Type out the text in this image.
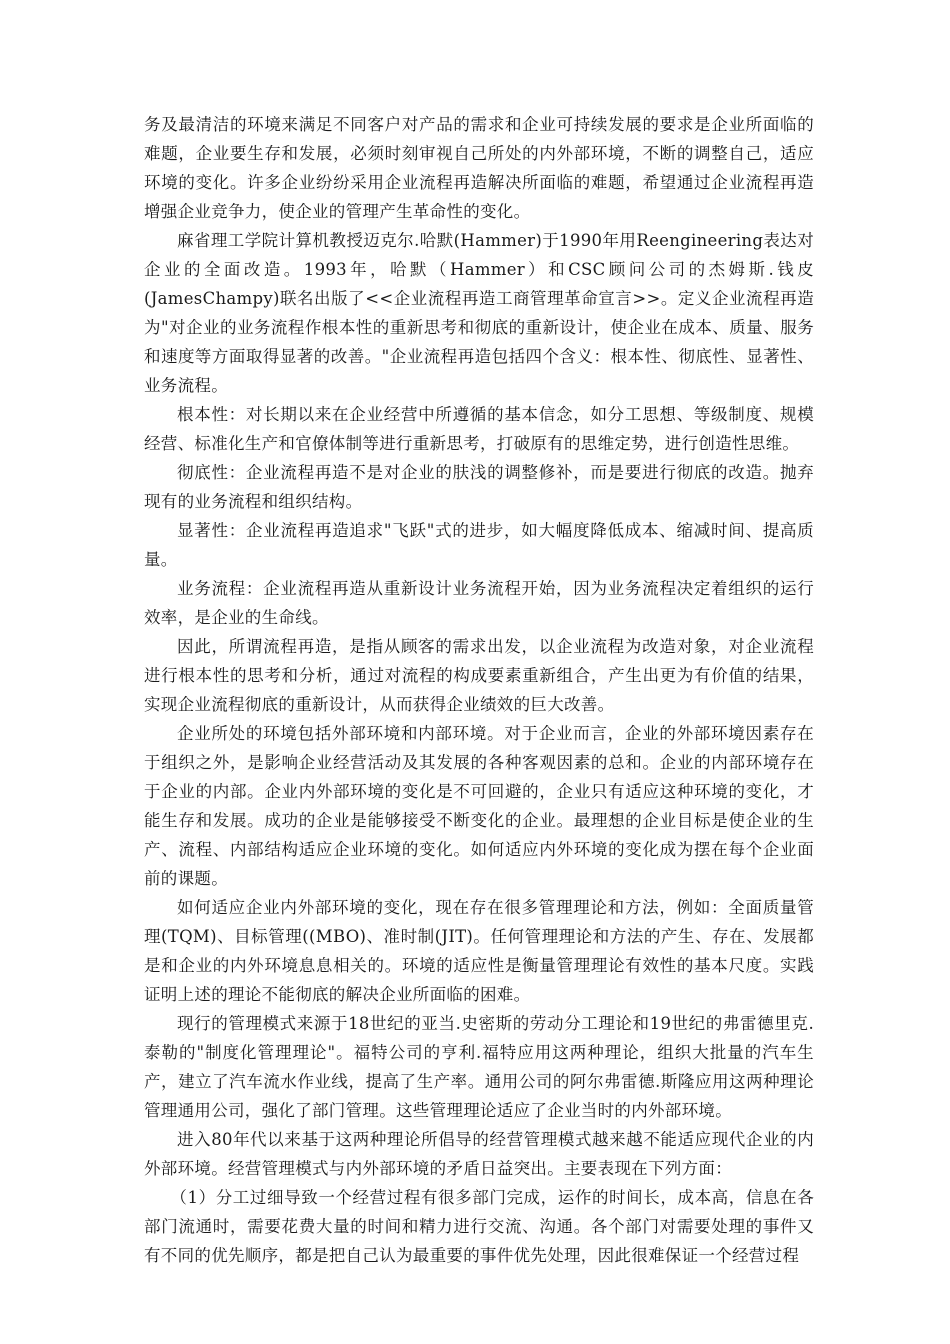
务及最清洁的环境来满足不同客户对产品的需求和企业可持续发展的要求是企业所面临的难题，企业要生存和发展，必须时刻审视自己所处的内外部环境，不断的调整自己，适应环境的变化。许多企业纷纷采用企业流程再造解决所面临的难题，希望通过企业流程再造增强企业竞争力，使企业的管理产生革命性的变化。

麻省理工学院计算机教授迈克尔.哈默(Hammer)于1990年用Reengineering表达对企业的全面改造。1993年，哈默（Hammer）和CSC顾问公司的杰姆斯.钱皮(JamesChampy)联名出版了<<企业流程再造工商管理革命宣言>>。定义企业流程再造为"对企业的业务流程作根本性的重新思考和彻底的重新设计，使企业在成本、质量、服务和速度等方面取得显著的改善。"企业流程再造包括四个含义：根本性、彻底性、显著性、业务流程。

根本性：对长期以来在企业经营中所遵循的基本信念，如分工思想、等级制度、规模经营、标准化生产和官僚体制等进行重新思考，打破原有的思维定势，进行创造性思维。

彻底性：企业流程再造不是对企业的肤浅的调整修补，而是要进行彻底的改造。抛弃现有的业务流程和组织结构。

显著性：企业流程再造追求"飞跃"式的进步，如大幅度降低成本、缩减时间、提高质量。

业务流程：企业流程再造从重新设计业务流程开始，因为业务流程决定着组织的运行效率，是企业的生命线。

因此，所谓流程再造，是指从顾客的需求出发，以企业流程为改造对象，对企业流程进行根本性的思考和分析，通过对流程的构成要素重新组合，产生出更为有价值的结果，实现企业流程彻底的重新设计，从而获得企业绩效的巨大改善。

企业所处的环境包括外部环境和内部环境。对于企业而言，企业的外部环境因素存在于组织之外，是影响企业经营活动及其发展的各种客观因素的总和。企业的内部环境存在于企业的内部。企业内外部环境的变化是不可回避的，企业只有适应这种环境的变化，才能生存和发展。成功的企业是能够接受不断变化的企业。最理想的企业目标是使企业的生产、流程、内部结构适应企业环境的变化。如何适应内外环境的变化成为摆在每个企业面前的课题。

如何适应企业内外部环境的变化，现在存在很多管理理论和方法，例如：全面质量管理(TQM)、目标管理((MBO)、准时制(JIT)。任何管理理论和方法的产生、存在、发展都是和企业的内外环境息息相关的。环境的适应性是衡量管理理论有效性的基本尺度。实践证明上述的理论不能彻底的解决企业所面临的困难。

现行的管理模式来源于18世纪的亚当.史密斯的劳动分工理论和19世纪的弗雷德里克.泰勒的"制度化管理理论"。福特公司的亨利.福特应用这两种理论，组织大批量的汽车生产，建立了汽车流水作业线，提高了生产率。通用公司的阿尔弗雷德.斯隆应用这两种理论管理通用公司，强化了部门管理。这些管理理论适应了企业当时的内外部环境。

进入80年代以来基于这两种理论所倡导的经营管理模式越来越不能适应现代企业的内外部环境。经营管理模式与内外部环境的矛盾日益突出。主要表现在下列方面：

（1）分工过细导致一个经营过程有很多部门完成，运作的时间长，成本高，信息在各部门流通时，需要花费大量的时间和精力进行交流、沟通。各个部门对需要处理的事件又有不同的优先顺序，都是把自己认为最重要的事件优先处理，因此很难保证一个经营过程
